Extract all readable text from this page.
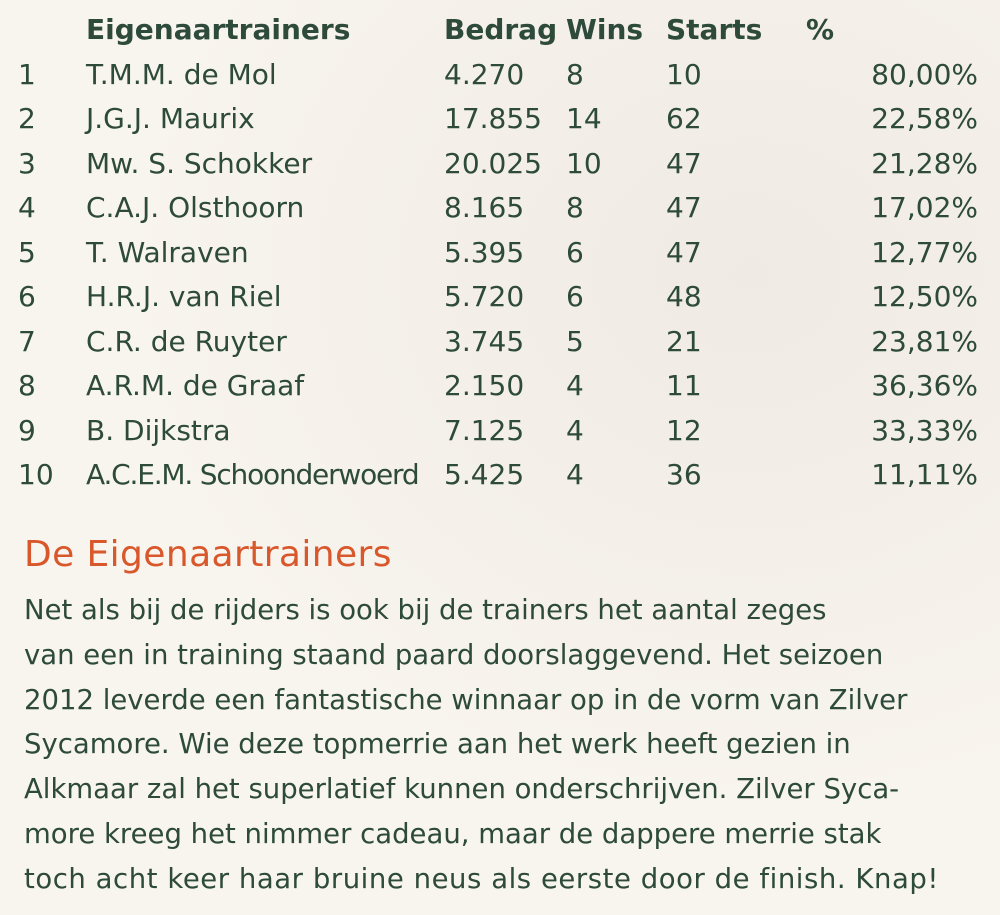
	Eigenaartrainers	Bedrag	Wins	Starts	%
1	T.M.M. de Mol	4.270	8	10	80,00%
2	J.G.J. Maurix	17.855	14	62	22,58%
3	Mw. S. Schokker	20.025	10	47	21,28%
4	C.A.J. Olsthoorn	8.165	8	47	17,02%
5	T. Walraven	5.395	6	47	12,77%
6	H.R.J. van Riel	5.720	6	48	12,50%
7	C.R. de Ruyter	3.745	5	21	23,81%
8	A.R.M. de Graaf	2.150	4	11	36,36%
9	B. Dijkstra	7.125	4	12	33,33%
10	A.C.E.M. Schoonderwoerd	5.425	4	36	11,11%
De Eigenaartrainers

Net als bij de rijders is ook bij de trainers het aantal zeges
van een in training staand paard doorslaggevend. Het seizoen
2012 leverde een fantastische winnaar op in de vorm van Zilver
Sycamore. Wie deze topmerrie aan het werk heeft gezien in
Alkmaar zal het superlatief kunnen onderschrijven. Zilver Syca-
more kreeg het nimmer cadeau, maar de dappere merrie stak
toch acht keer haar bruine neus als eerste door de finish. Knap!
